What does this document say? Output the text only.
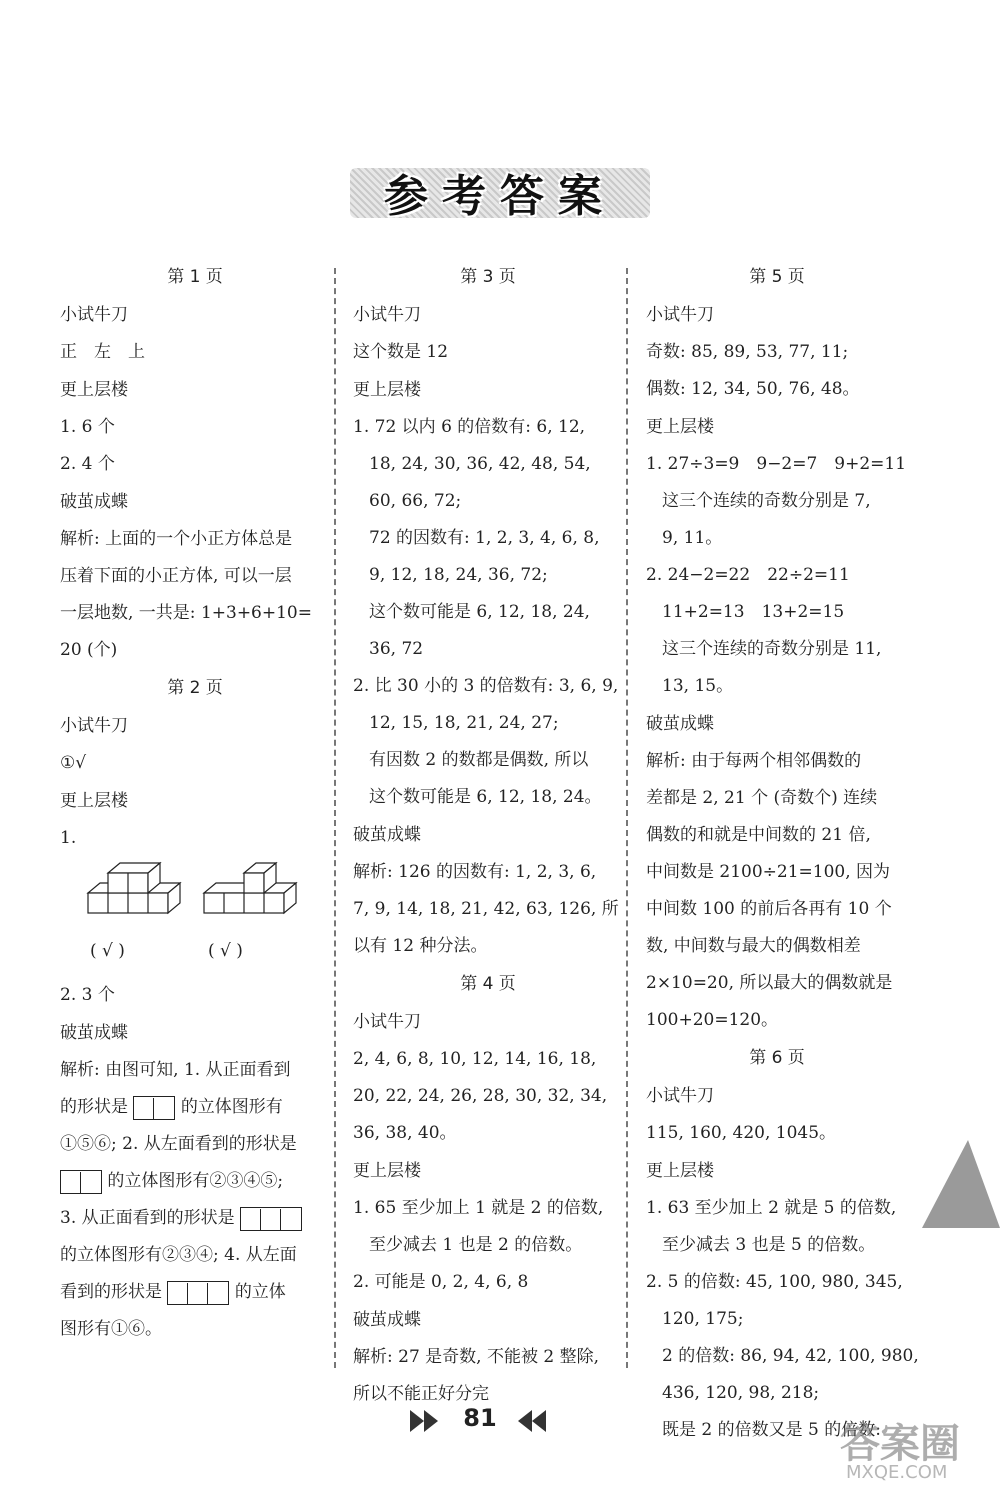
参考答案
第 1 页
小试牛刀
正　左　上
更上层楼
1. 6 个
2. 4 个
破茧成蝶
解析: 上面的一个小正方体总是
压着下面的小正方体, 可以一层
一层地数, 一共是: 1+3+6+10=
20 (个)
第 2 页
小试牛刀
①√
更上层楼
1.
( √ )	( √ )
2. 3 个
破茧成蝶
解析: 由图可知, 1. 从正面看到
的形状是	的立体图形有
①⑤⑥; 2. 从左面看到的形状是
的立体图形有②③④⑤;
3. 从正面看到的形状是
的立体图形有②③④; 4. 从左面
看到的形状是	的立体
图形有①⑥。
第 3 页
小试牛刀
这个数是 12
更上层楼
1. 72 以内 6 的倍数有: 6, 12,
18, 24, 30, 36, 42, 48, 54,
60, 66, 72;
72 的因数有: 1, 2, 3, 4, 6, 8,
9, 12, 18, 24, 36, 72;
这个数可能是 6, 12, 18, 24,
36, 72
2. 比 30 小的 3 的倍数有: 3, 6, 9,
12, 15, 18, 21, 24, 27;
有因数 2 的数都是偶数, 所以
这个数可能是 6, 12, 18, 24。
破茧成蝶
解析: 126 的因数有: 1, 2, 3, 6,
7, 9, 14, 18, 21, 42, 63, 126, 所
以有 12 种分法。
第 4 页
小试牛刀
2, 4, 6, 8, 10, 12, 14, 16, 18,
20, 22, 24, 26, 28, 30, 32, 34,
36, 38, 40。
更上层楼
1. 65 至少加上 1 就是 2 的倍数,
至少减去 1 也是 2 的倍数。
2. 可能是 0, 2, 4, 6, 8
破茧成蝶
解析: 27 是奇数, 不能被 2 整除,
所以不能正好分完
第 5 页
小试牛刀
奇数: 85, 89, 53, 77, 11;
偶数: 12, 34, 50, 76, 48。
更上层楼
1. 27÷3=9　9−2=7　9+2=11
这三个连续的奇数分别是 7,
9, 11。
2. 24−2=22　22÷2=11
11+2=13　13+2=15
这三个连续的奇数分别是 11,
13, 15。
破茧成蝶
解析: 由于每两个相邻偶数的
差都是 2, 21 个 (奇数个) 连续
偶数的和就是中间数的 21 倍,
中间数是 2100÷21=100, 因为
中间数 100 的前后各再有 10 个
数, 中间数与最大的偶数相差
2×10=20, 所以最大的偶数就是
100+20=120。
第 6 页
小试牛刀
115, 160, 420, 1045。
更上层楼
1. 63 至少加上 2 就是 5 的倍数,
至少减去 3 也是 5 的倍数。
2. 5 的倍数: 45, 100, 980, 345,
120, 175;
2 的倍数: 86, 94, 42, 100, 980,
436, 120, 98, 218;
既是 2 的倍数又是 5 的倍数:
81
答案圈
MXQE.COM
